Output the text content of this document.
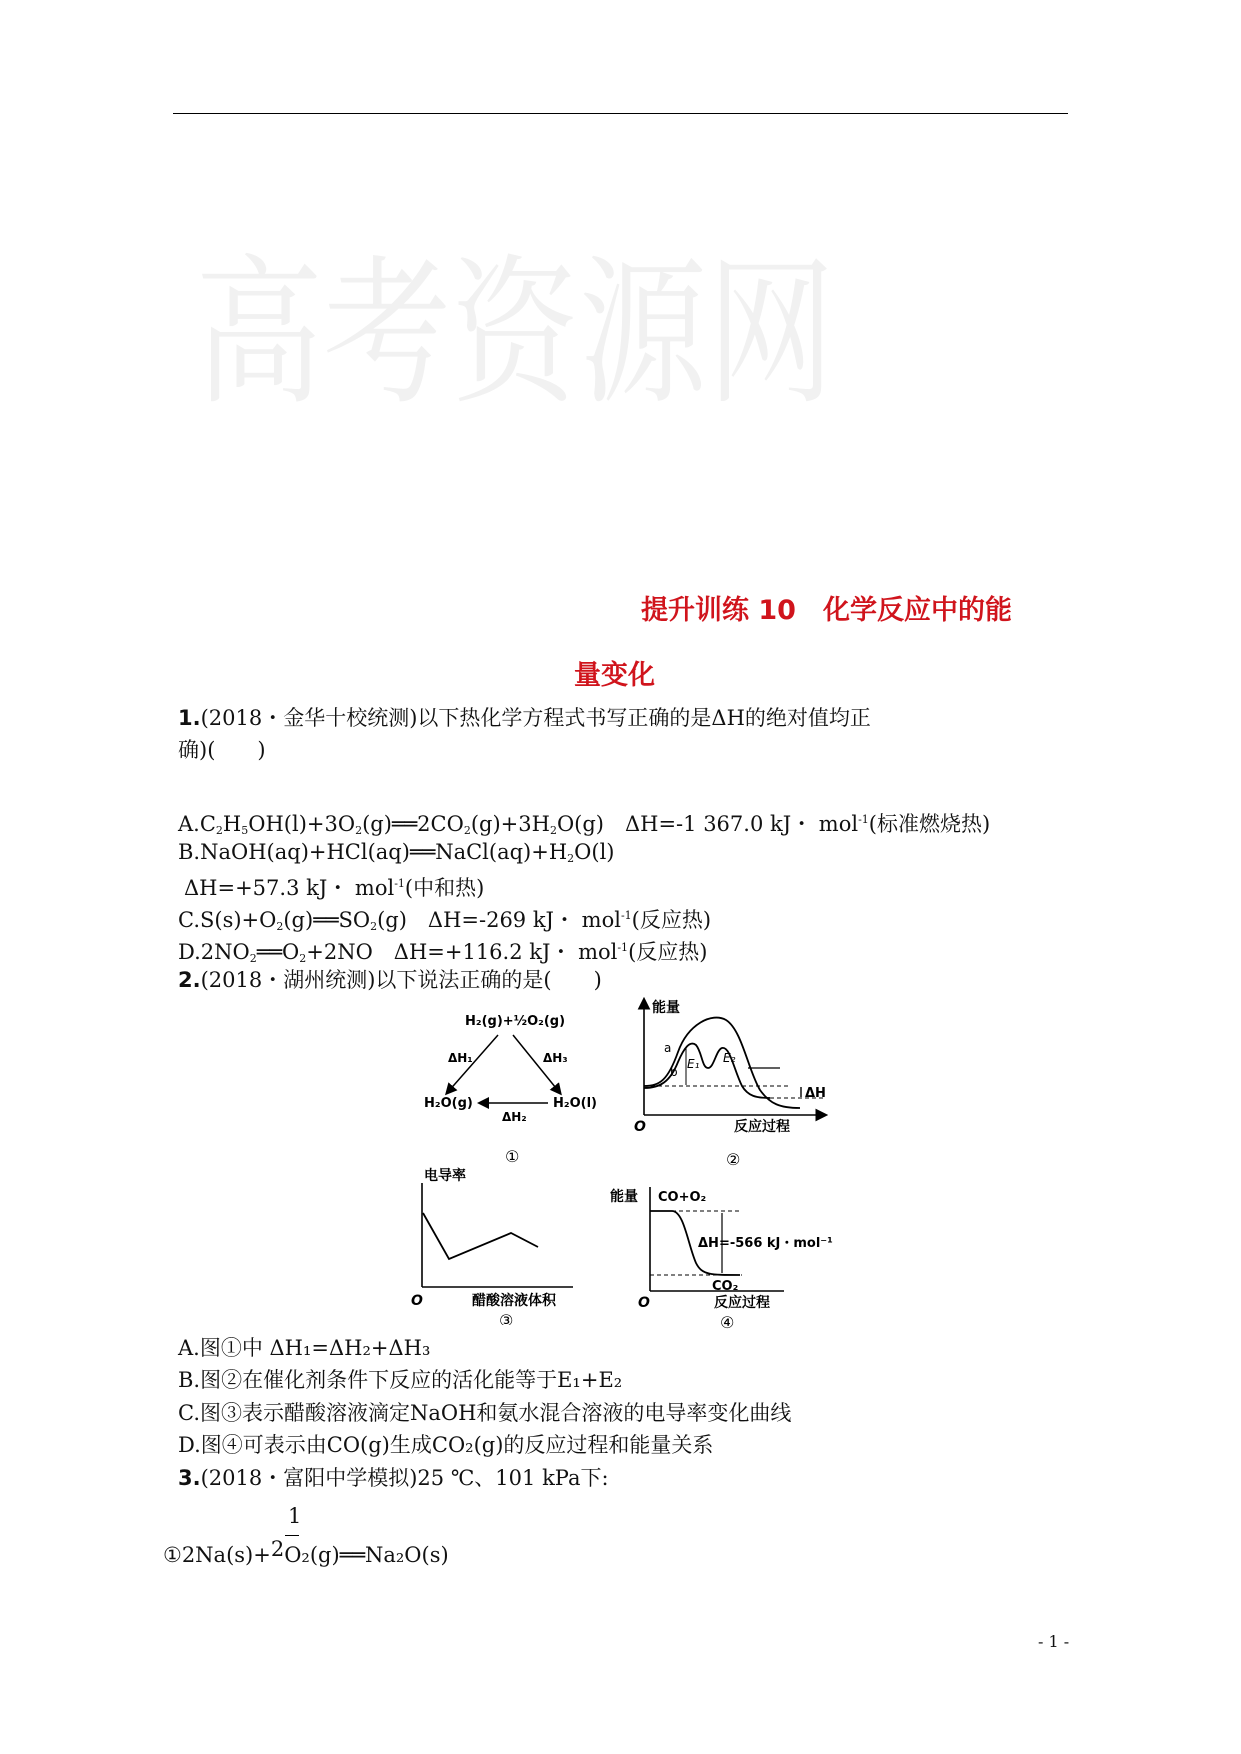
高考资源网
提升训练 10　化学反应中的能
量变化
1.(2018・金华十校统测)以下热化学方程式书写正确的是ΔH的绝对值均正
确)(　　)
$A.C_2H_5OH(l)+3O_2(g)══2CO_2(g)+3H_2O(g)$　ΔH=-1 367.0 kJ・ mol$^{-1}$(标准燃烧热)
$B.NaOH(aq)+HCl(aq)══NaCl(aq)+H_2O(l)$
ΔH=+57.3 kJ・ mol$^{-1}$(中和热)
$C.S(s)+O_2(g)══SO_2(g)$　ΔH=-269 kJ・ mol$^{-1}$(反应热)
$D.2NO_2══O_2+2NO$　ΔH=+116.2 kJ・ mol$^{-1}$(反应热)
2.(2018・湖州统测)以下说法正确的是(　　)
H₂(g)+½O₂(g)
ΔH₁	ΔH₃
H₂O(g)	H₂O(l)
ΔH₂
①
能量
a
b
E₁ E₂
ΔH
O	反应过程
②
电导率
O	醋酸溶液体积
③
能量 CO+O₂
ΔH=-566 kJ・mol⁻¹
CO₂
O	反应过程
④
A.图①中 ΔH₁=ΔH₂+ΔH₃
B.图②在催化剂条件下反应的活化能等于E₁+E₂
C.图③表示醋酸溶液滴定NaOH和氨水混合溶液的电导率变化曲线
D.图④可表示由CO(g)生成CO₂(g)的反应过程和能量关系
3.(2018・富阳中学模拟)25 ℃、101 kPa下:
1
①2Na(s)+2O₂(g)══Na₂O(s)
- 1 -
